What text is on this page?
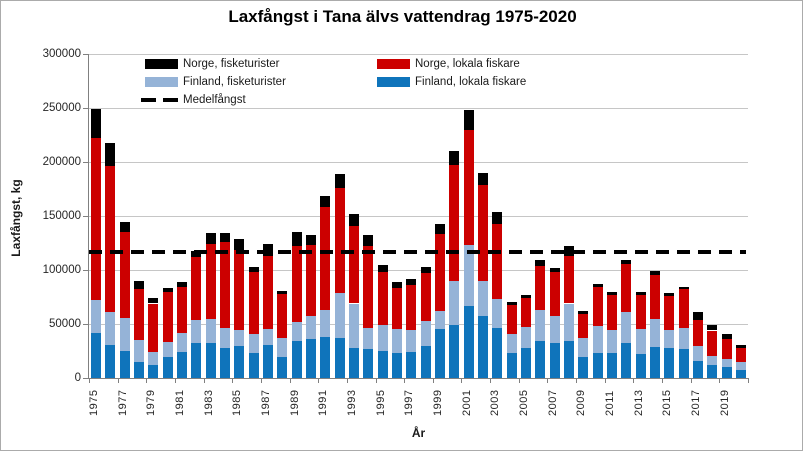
Laxfångst i Tana älvs vattendrag 1975-2020
Laxfångst, kg
Norge, fisketurister	Norge, lokala fiskare
Finland, fisketurister	Finland, lokala fiskare
Medelfångst
0
50000
100000
150000
200000
250000
300000
1975	1977	1979	1981	1983	1985	1987	1989	1991	1993	1995	1997	1999	2001	2003	2005	2007	2009	2011	2013	2015	2017	2019
År
